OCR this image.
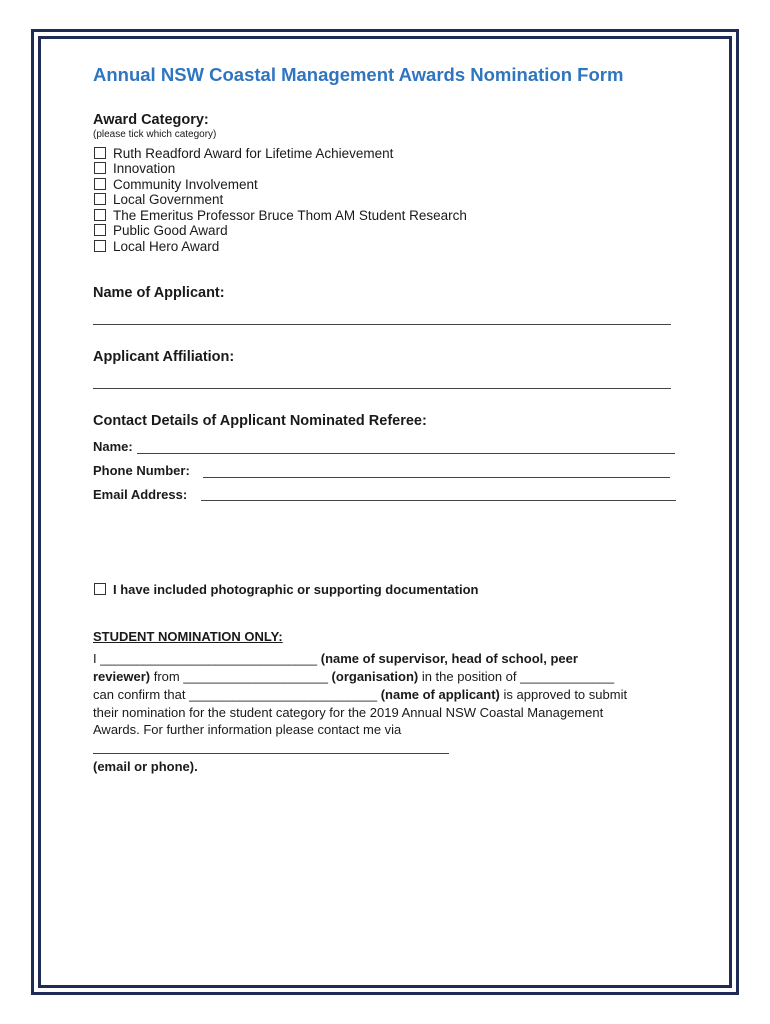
Annual NSW Coastal Management Awards Nomination Form
Award Category:
(please tick which category)
Ruth Readford Award for Lifetime Achievement
Innovation
Community Involvement
Local Government
The Emeritus Professor Bruce Thom AM Student Research
Public Good Award
Local Hero Award
Name of Applicant:
Applicant Affiliation:
Contact Details of Applicant Nominated Referee:
Name:
Phone Number:
Email Address:
I have included photographic or supporting documentation
STUDENT NOMINATION ONLY:
I ______________________________ (name of supervisor, head of school, peer
reviewer) from ____________________ (organisation) in the position of _____________
can confirm that __________________________ (name of applicant) is approved to submit
their nomination for the student category for the 2019 Annual NSW Coastal Management
Awards. For further information please contact me via
(email or phone).
